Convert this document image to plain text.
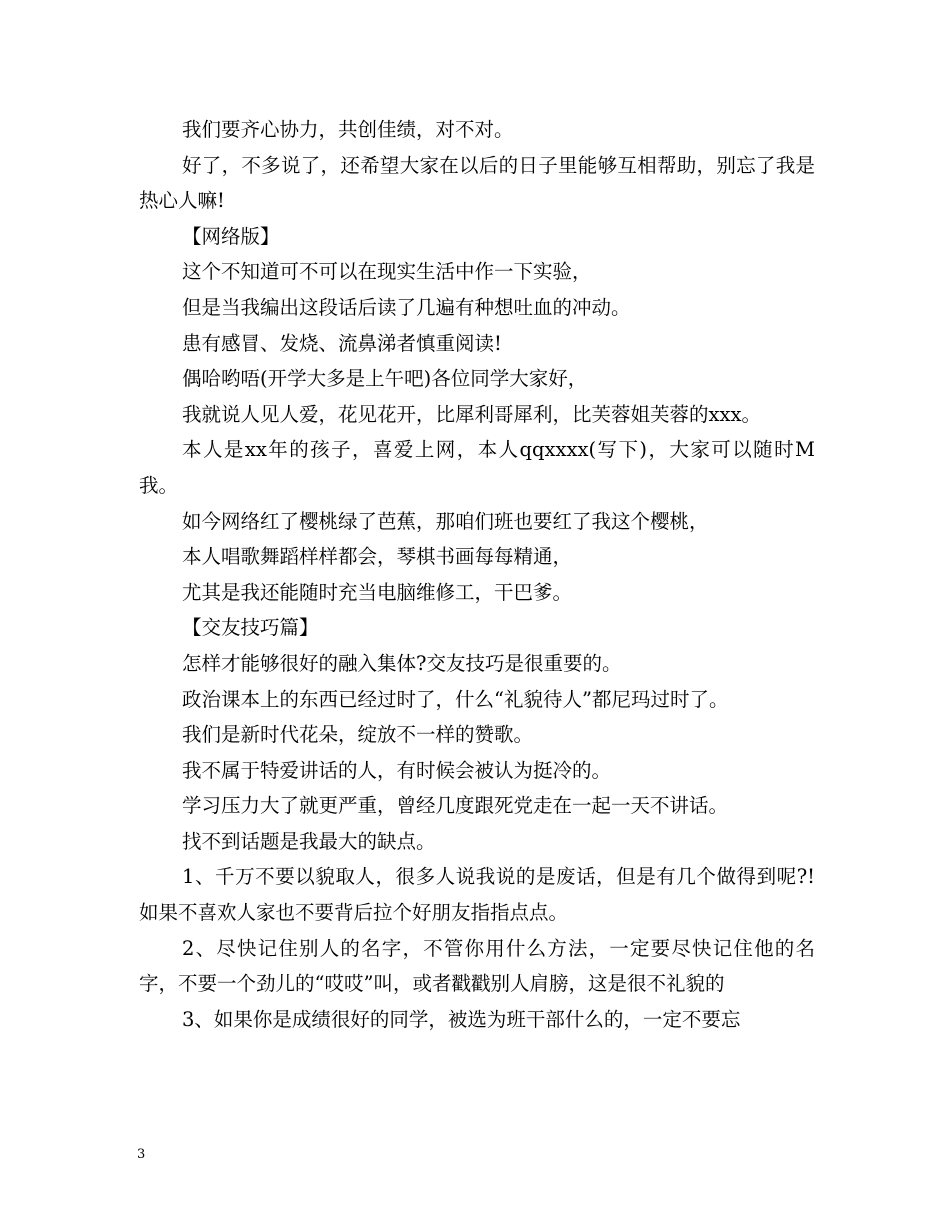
我们要齐心协力，共创佳绩，对不对。

好了，不多说了，还希望大家在以后的日子里能够互相帮助，别忘了我是热心人嘛!

【网络版】

这个不知道可不可以在现实生活中作一下实验，

但是当我编出这段话后读了几遍有种想吐血的冲动。

患有感冒、发烧、流鼻涕者慎重阅读!

偶哈哟唔(开学大多是上午吧)各位同学大家好，

我就说人见人爱，花见花开，比犀利哥犀利，比芙蓉姐芙蓉的xxx。

本人是xx年的孩子，喜爱上网，本人qqxxxx(写下)，大家可以随时M我。

如今网络红了樱桃绿了芭蕉，那咱们班也要红了我这个樱桃，

本人唱歌舞蹈样样都会，琴棋书画每每精通，

尤其是我还能随时充当电脑维修工，干巴爹。

【交友技巧篇】

怎样才能够很好的融入集体?交友技巧是很重要的。

政治课本上的东西已经过时了，什么“礼貌待人”都尼玛过时了。

我们是新时代花朵，绽放不一样的赞歌。

我不属于特爱讲话的人，有时候会被认为挺冷的。

学习压力大了就更严重，曾经几度跟死党走在一起一天不讲话。

找不到话题是我最大的缺点。

1、千万不要以貌取人，很多人说我说的是废话，但是有几个做得到呢?!如果不喜欢人家也不要背后拉个好朋友指指点点。

2、尽快记住别人的名字，不管你用什么方法，一定要尽快记住他的名字，不要一个劲儿的“哎哎”叫，或者戳戳别人肩膀，这是很不礼貌的

3、如果你是成绩很好的同学，被选为班干部什么的，一定不要忘

3
